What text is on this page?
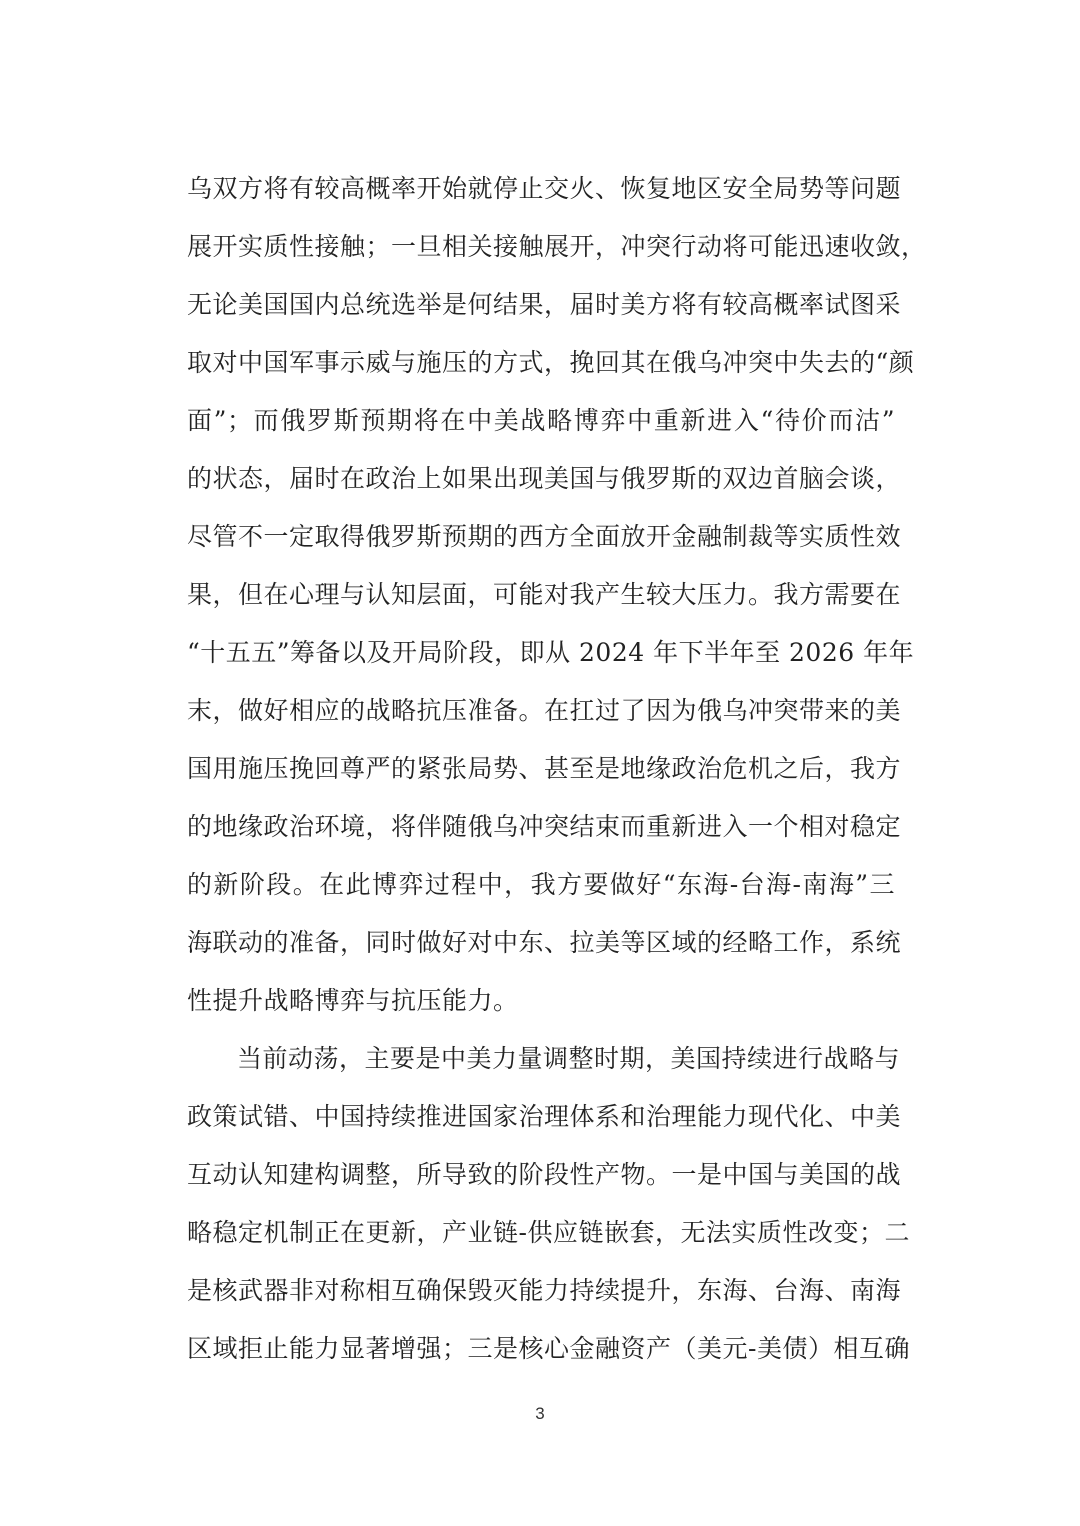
乌双方将有较高概率开始就停止交火、恢复地区安全局势等问题
展开实质性接触；一旦相关接触展开，冲突行动将可能迅速收敛，
无论美国国内总统选举是何结果，届时美方将有较高概率试图采
取对中国军事示威与施压的方式，挽回其在俄乌冲突中失去的“颜
面”；而俄罗斯预期将在中美战略博弈中重新进入“待价而沽”
的状态，届时在政治上如果出现美国与俄罗斯的双边首脑会谈，
尽管不一定取得俄罗斯预期的西方全面放开金融制裁等实质性效
果，但在心理与认知层面，可能对我产生较大压力。我方需要在
“十五五”筹备以及开局阶段，即从 2024 年下半年至 2026 年年
末，做好相应的战略抗压准备。在扛过了因为俄乌冲突带来的美
国用施压挽回尊严的紧张局势、甚至是地缘政治危机之后，我方
的地缘政治环境，将伴随俄乌冲突结束而重新进入一个相对稳定
的新阶段。在此博弈过程中，我方要做好“东海-台海-南海”三
海联动的准备，同时做好对中东、拉美等区域的经略工作，系统
性提升战略博弈与抗压能力。
当前动荡，主要是中美力量调整时期，美国持续进行战略与
政策试错、中国持续推进国家治理体系和治理能力现代化、中美
互动认知建构调整，所导致的阶段性产物。一是中国与美国的战
略稳定机制正在更新，产业链-供应链嵌套，无法实质性改变；二
是核武器非对称相互确保毁灭能力持续提升，东海、台海、南海
区域拒止能力显著增强；三是核心金融资产（美元-美债）相互确
3
